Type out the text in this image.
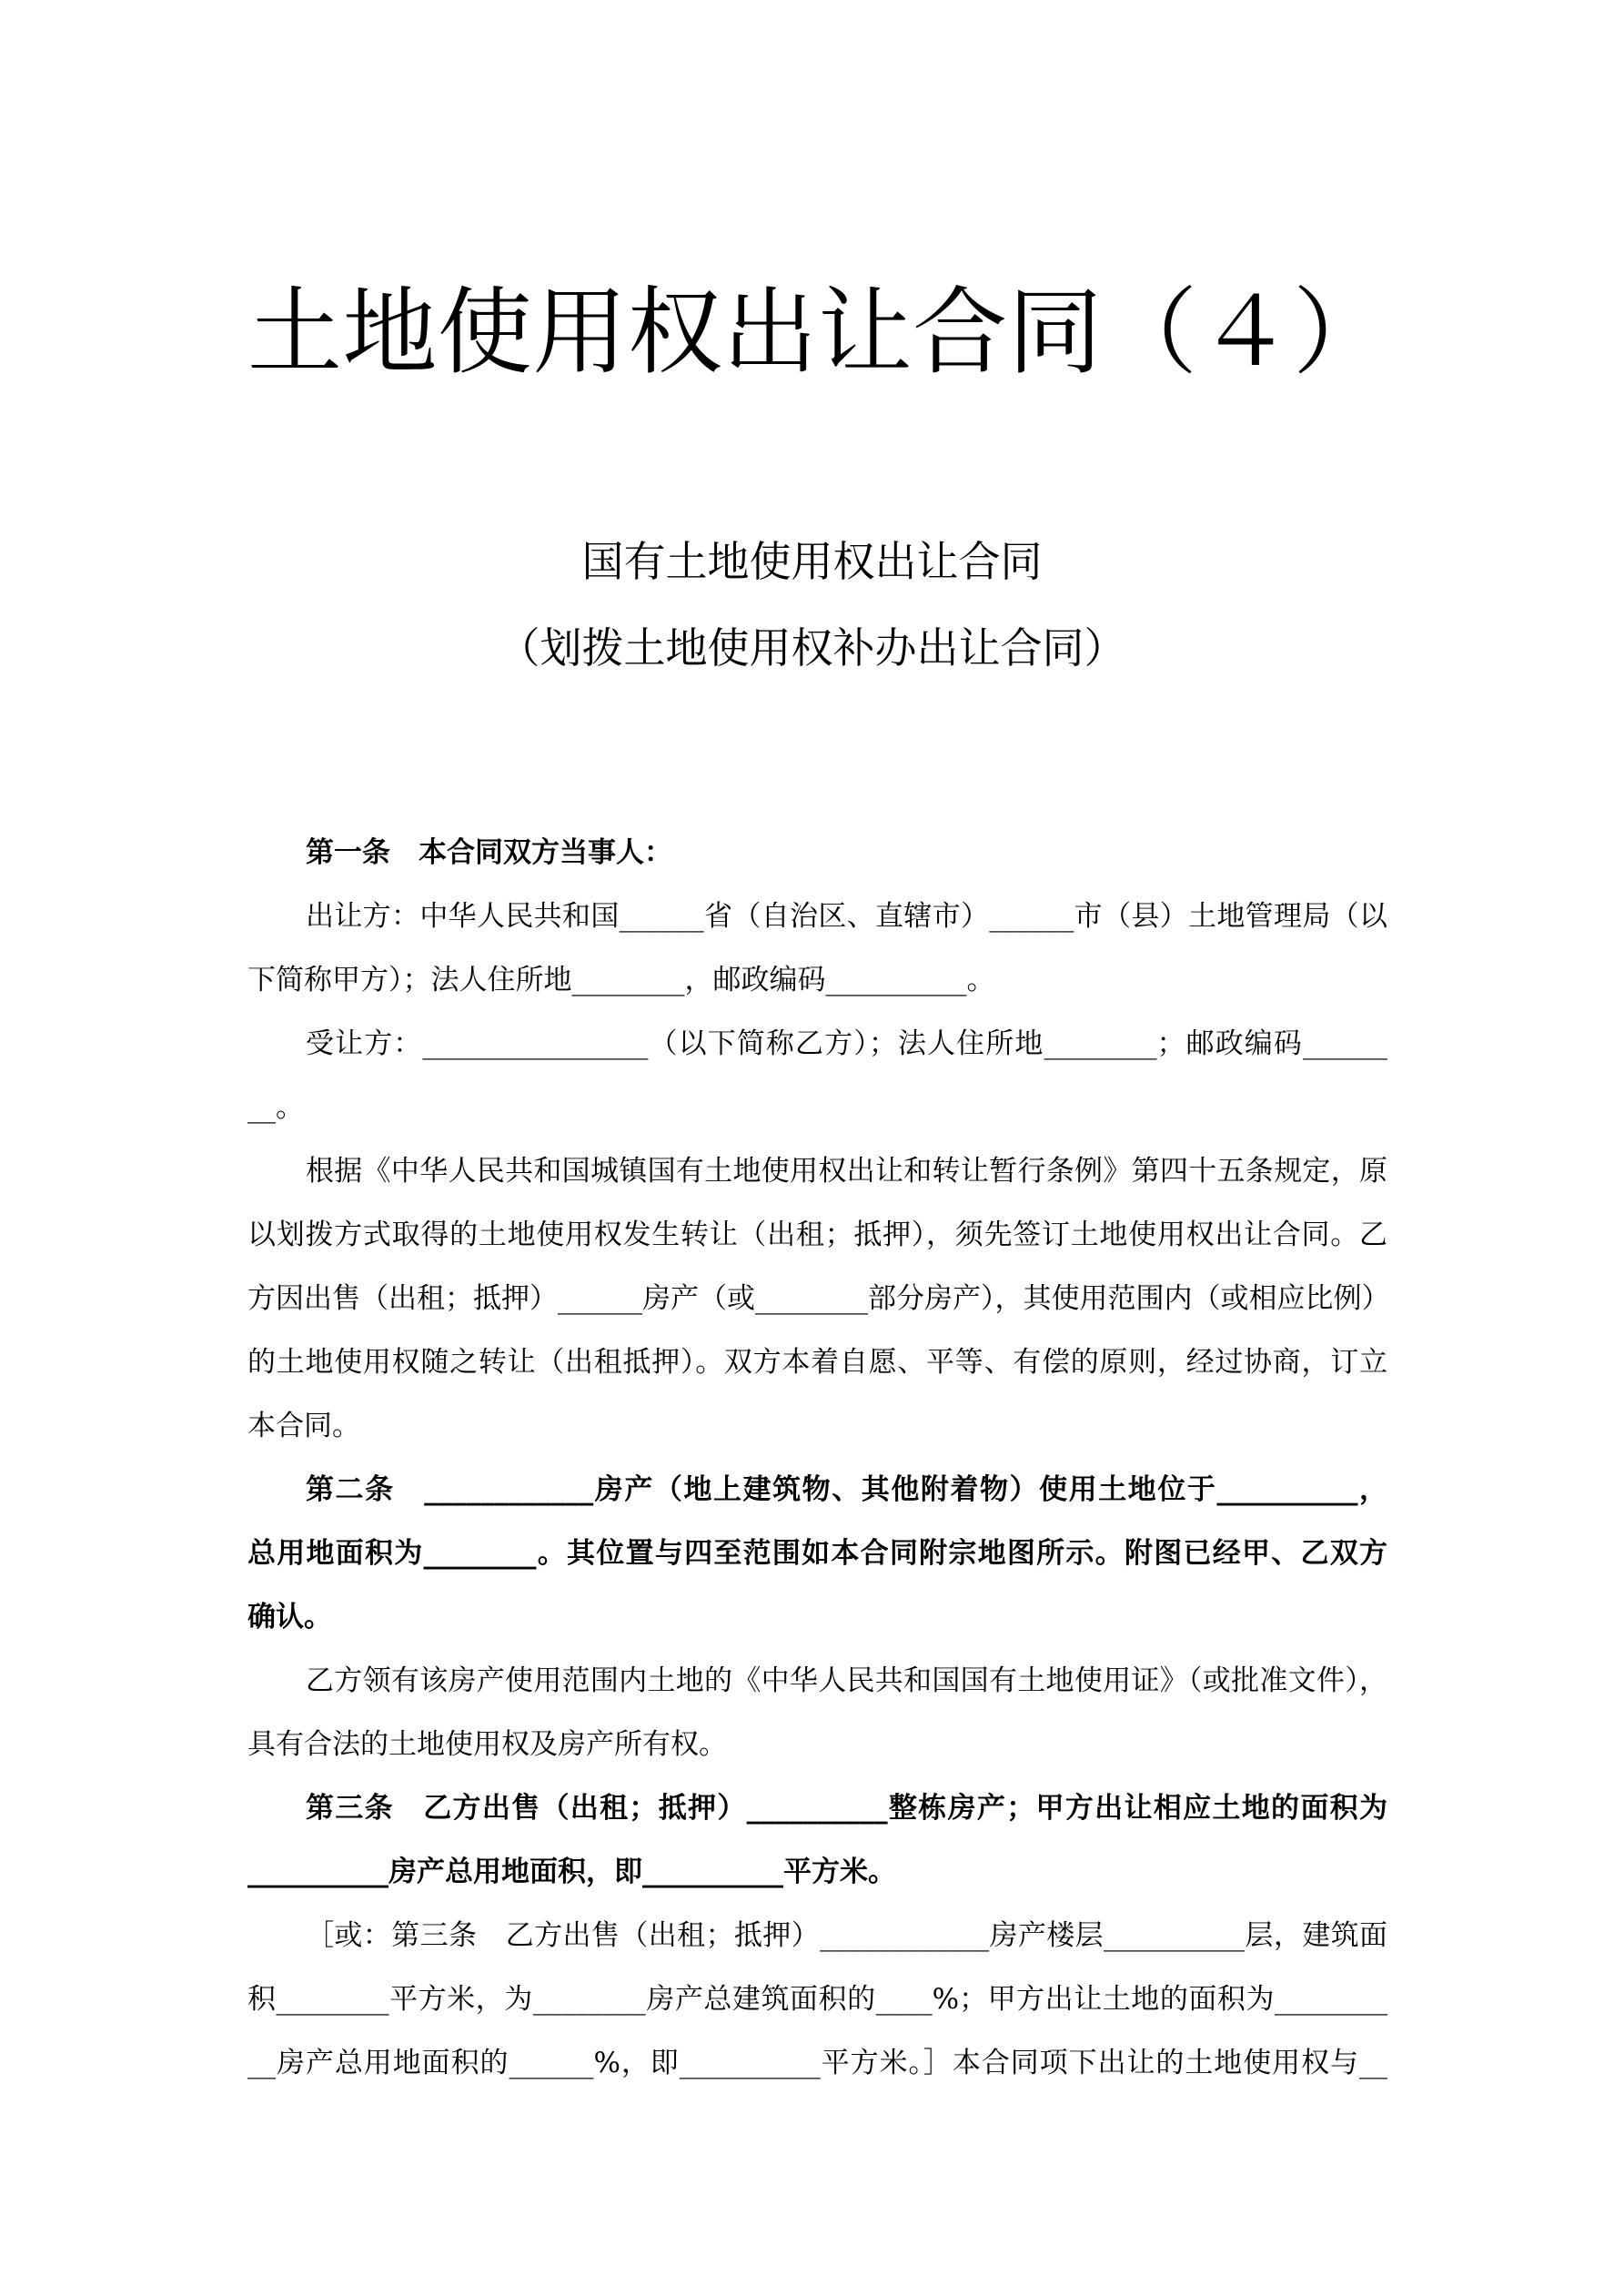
土地使用权出让合同（４）
国有土地使用权出让合同
（划拨土地使用权补办出让合同）
第一条　本合同双方当事人：
出让方：中华人民共和国______省（自治区、直辖市）______市（县）土地管理局（以
下简称甲方）；法人住所地________，邮政编码__________。
受让方：________________（以下简称乙方）；法人住所地________；邮政编码______
__。
根据《中华人民共和国城镇国有土地使用权出让和转让暂行条例》第四十五条规定，原
以划拨方式取得的土地使用权发生转让（出租；抵押），须先签订土地使用权出让合同。乙
方因出售（出租；抵押）______房产（或________部分房产），其使用范围内（或相应比例）
的土地使用权随之转让（出租抵押）。双方本着自愿、平等、有偿的原则，经过协商，订立
本合同。
第二条　____________房产（地上建筑物、其他附着物）使用土地位于__________，
总用地面积为________。其位置与四至范围如本合同附宗地图所示。附图已经甲、乙双方
确认。
乙方领有该房产使用范围内土地的《中华人民共和国国有土地使用证》（或批准文件），
具有合法的土地使用权及房产所有权。
第三条　乙方出售（出租；抵押）__________整栋房产；甲方出让相应土地的面积为
__________房产总用地面积，即__________平方米。
［或：第三条　乙方出售（出租；抵押）____________房产楼层__________层，建筑面
积________平方米，为________房产总建筑面积的____%；甲方出让土地的面积为________
__房产总用地面积的______%，即__________平方米。］本合同项下出让的土地使用权与__
